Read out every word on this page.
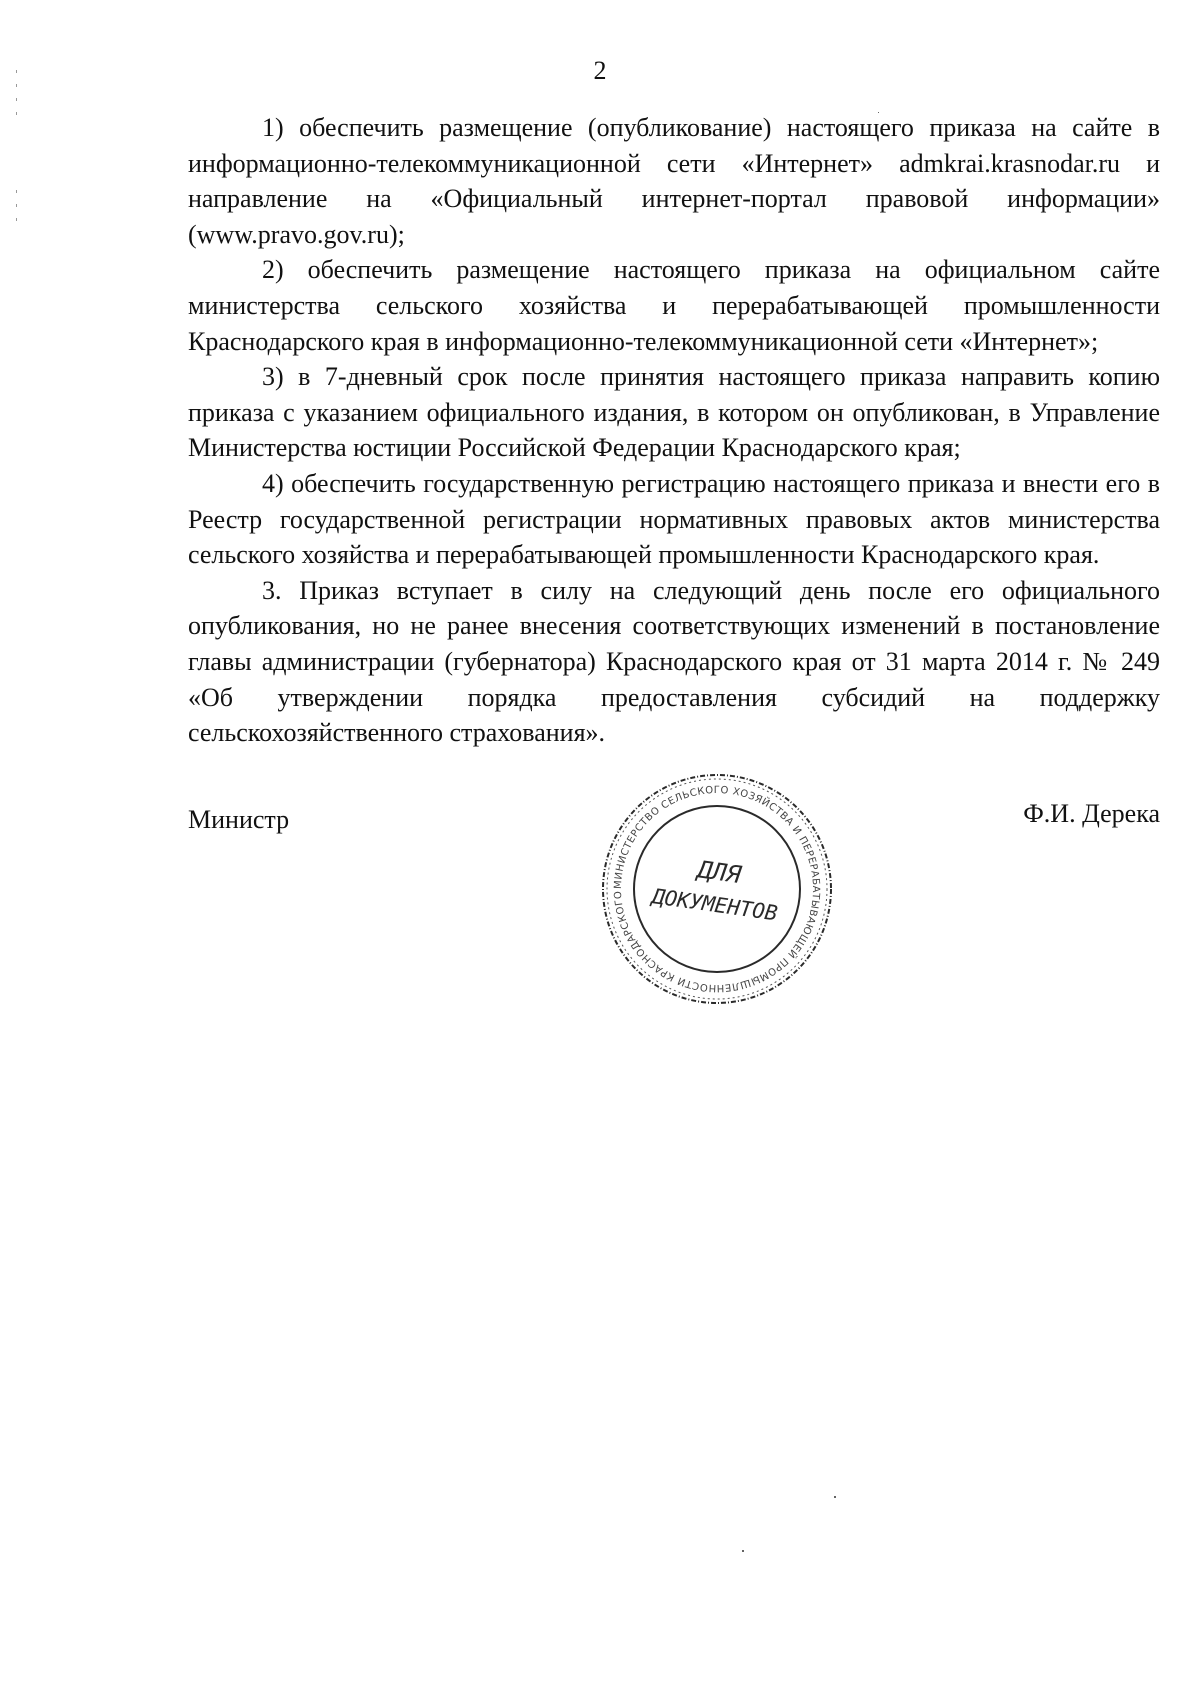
2

1) обеспечить размещение (опубликование) настоящего приказа на сайте в информационно-телекоммуникационной сети «Интернет» admkrai.krasnodar.ru и направление на «Официальный интернет-портал правовой информации» (www.pravo.gov.ru);

2) обеспечить размещение настоящего приказа на официальном сайте министерства сельского хозяйства и перерабатывающей промышленности Краснодарского края в информационно-телекоммуникационной сети «Интернет»;

3) в 7-дневный срок после принятия настоящего приказа направить копию приказа с указанием официального издания, в котором он опубликован, в Управление Министерства юстиции Российской Федерации Краснодарского края;

4) обеспечить государственную регистрацию настоящего приказа и внести его в Реестр государственной регистрации нормативных правовых актов министерства сельского хозяйства и перерабатывающей промышленности Краснодарского края.

3. Приказ вступает в силу на следующий день после его официального опубликования, но не ранее внесения соответствующих изменений в постановление главы администрации (губернатора) Краснодарского края от 31 марта 2014 г. № 249 «Об утверждении порядка предоставления субсидий на поддержку сельскохозяйственного страхования».

Министр	Ф.И. Дерека
МИНИСТЕРСТВО СЕЛЬСКОГО ХОЗЯЙСТВА И ПЕРЕРАБАТЫВАЮЩЕЙ ПРОМЫШЛЕННОСТИ КРАСНОДАРСКОГО
ДЛЯ
ДОКУМЕНТОВ
